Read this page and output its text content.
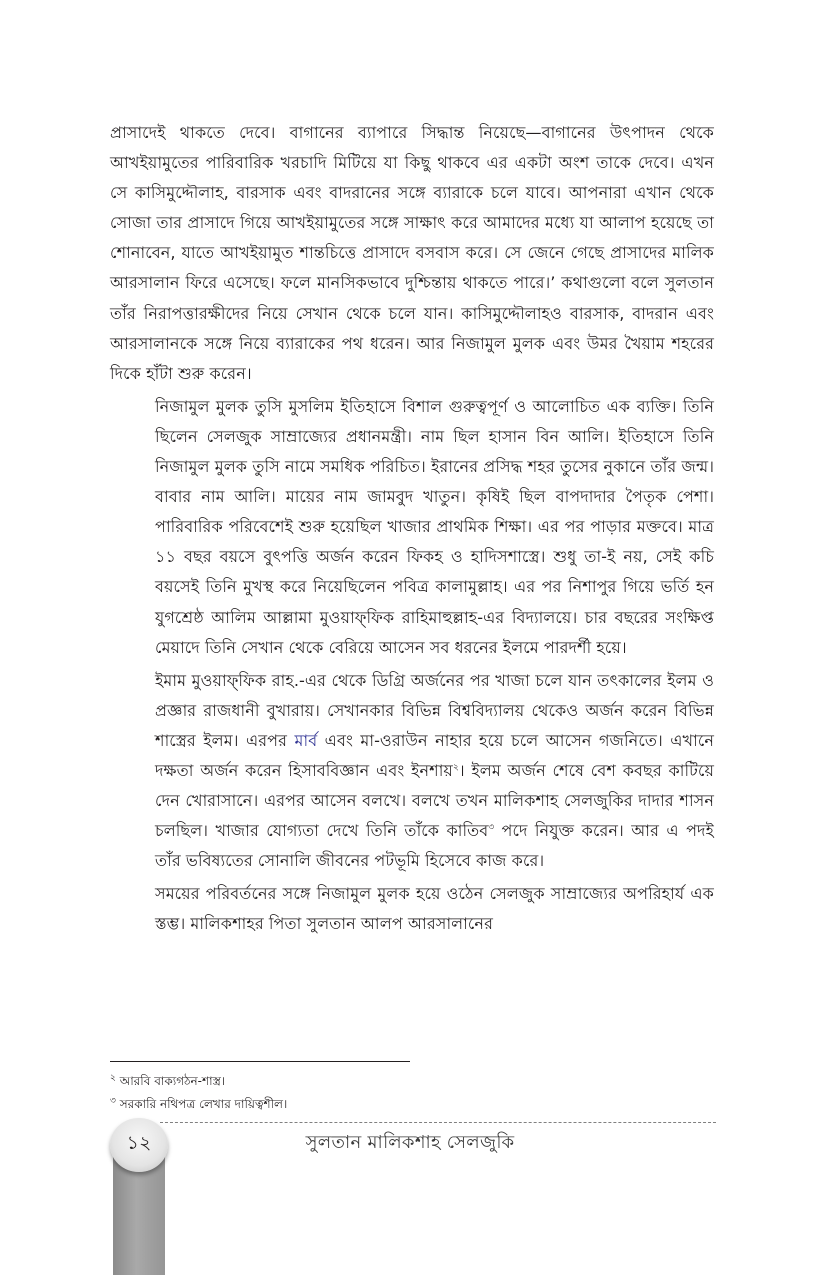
প্রাসাদেই থাকতে দেবে। বাগানের ব্যাপারে সিদ্ধান্ত নিয়েছে—বাগানের উৎপাদন থেকে আখইয়ামুতের পারিবারিক খরচাদি মিটিয়ে যা কিছু থাকবে এর একটা অংশ তাকে দেবে। এখন সে কাসিমুদ্দৌলাহ, বারসাক এবং বাদরানের সঙ্গে ব্যারাকে চলে যাবে। আপনারা এখান থেকে সোজা তার প্রাসাদে গিয়ে আখইয়ামুতের সঙ্গে সাক্ষাৎ করে আমাদের মধ্যে যা আলাপ হয়েছে তা শোনাবেন, যাতে আখইয়ামুত শান্তচিত্তে প্রাসাদে বসবাস করে। সে জেনে গেছে প্রাসাদের মালিক আরসালান ফিরে এসেছে। ফলে মানসিকভাবে দুশ্চিন্তায় থাকতে পারে।’ কথাগুলো বলে সুলতান তাঁর নিরাপত্তারক্ষীদের নিয়ে সেখান থেকে চলে যান। কাসিমুদ্দৌলাহও বারসাক, বাদরান এবং আরসালানকে সঙ্গে নিয়ে ব্যারাকের পথ ধরেন। আর নিজামুল মুলক এবং উমর খৈয়াম শহরের দিকে হাঁটা শুরু করেন।

নিজামুল মুলক তুসি মুসলিম ইতিহাসে বিশাল গুরুত্বপূর্ণ ও আলোচিত এক ব্যক্তি। তিনি ছিলেন সেলজুক সাম্রাজ্যের প্রধানমন্ত্রী। নাম ছিল হাসান বিন আলি। ইতিহাসে তিনি নিজামুল মুলক তুসি নামে সমধিক পরিচিত। ইরানের প্রসিদ্ধ শহর তুসের নুকানে তাঁর জন্ম। বাবার নাম আলি। মায়ের নাম জামবুদ খাতুন। কৃষিই ছিল বাপদাদার পৈতৃক পেশা। পারিবারিক পরিবেশেই শুরু হয়েছিল খাজার প্রাথমিক শিক্ষা। এর পর পাড়ার মক্তবে। মাত্র ১১ বছর বয়সে বুৎপত্তি অর্জন করেন ফিকহ ও হাদিসশাস্ত্রে। শুধু তা-ই নয়, সেই কচি বয়সেই তিনি মুখস্থ করে নিয়েছিলেন পবিত্র কালামুল্লাহ। এর পর নিশাপুর গিয়ে ভর্তি হন যুগশ্রেষ্ঠ আলিম আল্লামা মুওয়াফ্‌ফিক রাহিমাহুল্লাহ-এর বিদ্যালয়ে। চার বছরের সংক্ষিপ্ত মেয়াদে তিনি সেখান থেকে বেরিয়ে আসেন সব ধরনের ইলমে পারদর্শী হয়ে।

ইমাম মুওয়াফ্‌ফিক রাহ.-এর থেকে ডিগ্রি অর্জনের পর খাজা চলে যান তৎকালের ইলম ও প্রজ্ঞার রাজধানী বুখারায়। সেখানকার বিভিন্ন বিশ্ববিদ্যালয় থেকেও অর্জন করেন বিভিন্ন শাস্ত্রের ইলম। এরপর মার্ব এবং মা-ওরাউন নাহার হয়ে চলে আসেন গজনিতে। এখানে দক্ষতা অর্জন করেন হিসাববিজ্ঞান এবং ইনশায়$^২$। ইলম অর্জন শেষে বেশ কবছর কাটিয়ে দেন খোরাসানে। এরপর আসেন বলখে। বলখে তখন মালিকশাহ সেলজুকির দাদার শাসন চলছিল। খাজার যোগ্যতা দেখে তিনি তাঁকে কাতিব$^৩$ পদে নিযুক্ত করেন। আর এ পদই তাঁর ভবিষ্যতের সোনালি জীবনের পটভূমি হিসেবে কাজ করে।

সময়ের পরিবর্তনের সঙ্গে নিজামুল মুলক হয়ে ওঠেন সেলজুক সাম্রাজ্যের অপরিহার্য এক স্তম্ভ। মালিকশাহর পিতা সুলতান আলপ আরসালানের

$^২$ আরবি বাক্যগঠন-শাস্ত্র।

$^৩$ সরকারি নথিপত্র লেখার দায়িত্বশীল।

১২	সুলতান মালিকশাহ সেলজুকি
